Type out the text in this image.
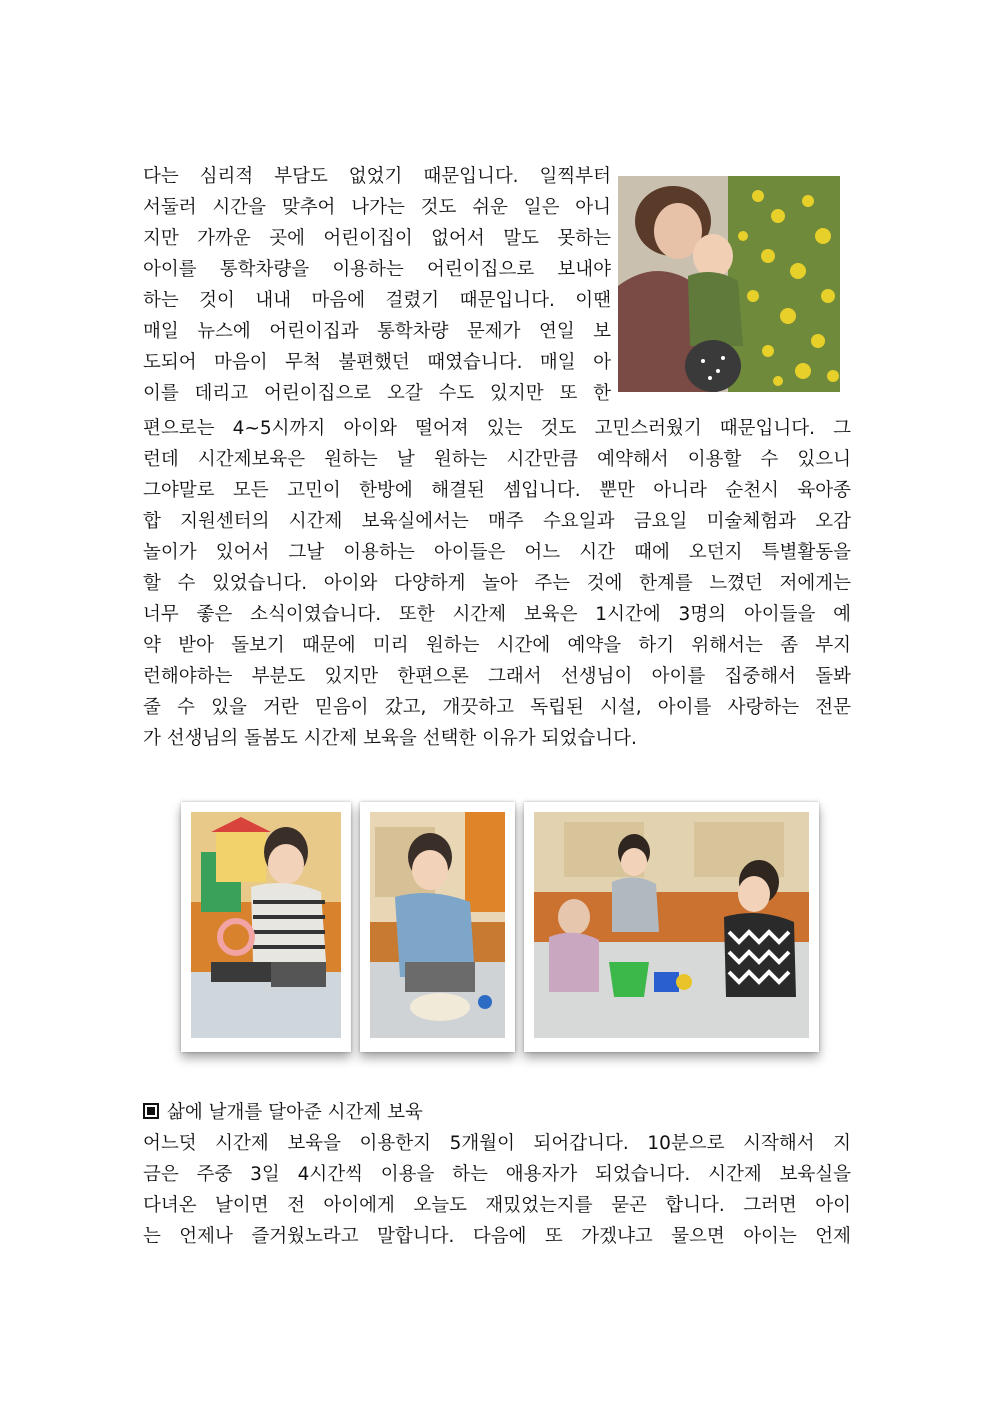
다는 심리적 부담도 없었기 때문입니다. 일찍부터
서둘러 시간을 맞추어 나가는 것도 쉬운 일은 아니
지만 가까운 곳에 어린이집이 없어서 말도 못하는
아이를 통학차량을 이용하는 어린이집으로 보내야
하는 것이 내내 마음에 걸렸기 때문입니다. 이땐
매일 뉴스에 어린이집과 통학차량 문제가 연일 보
도되어 마음이 무척 불편했던 때였습니다. 매일 아
이를 데리고 어린이집으로 오갈 수도 있지만 또 한
편으로는 4~5시까지 아이와 떨어져 있는 것도 고민스러웠기 때문입니다. 그
런데 시간제보육은 원하는 날 원하는 시간만큼 예약해서 이용할 수 있으니
그야말로 모든 고민이 한방에 해결된 셈입니다. 뿐만 아니라 순천시 육아종
합 지원센터의 시간제 보육실에서는 매주 수요일과 금요일 미술체험과 오감
놀이가 있어서 그날 이용하는 아이들은 어느 시간 때에 오던지 특별활동을
할 수 있었습니다. 아이와 다양하게 놀아 주는 것에 한계를 느꼈던 저에게는
너무 좋은 소식이였습니다. 또한 시간제 보육은 1시간에 3명의 아이들을 예
약 받아 돌보기 때문에 미리 원하는 시간에 예약을 하기 위해서는 좀 부지
런해야하는 부분도 있지만 한편으론 그래서 선생님이 아이를 집중해서 돌봐
줄 수 있을 거란 믿음이 갔고, 개끗하고 독립된 시설, 아이를 사랑하는 전문
가 선생님의 돌봄도 시간제 보육을 선택한 이유가 되었습니다.
삶에 날개를 달아준 시간제 보육
어느덧 시간제 보육을 이용한지 5개월이 되어갑니다. 10분으로 시작해서 지
금은 주중 3일 4시간씩 이용을 하는 애용자가 되었습니다. 시간제 보육실을
다녀온 날이면 전 아이에게 오늘도 재밌었는지를 묻곤 합니다. 그러면 아이
는 언제나 즐거웠노라고 말합니다. 다음에 또 가겠냐고 물으면 아이는 언제
